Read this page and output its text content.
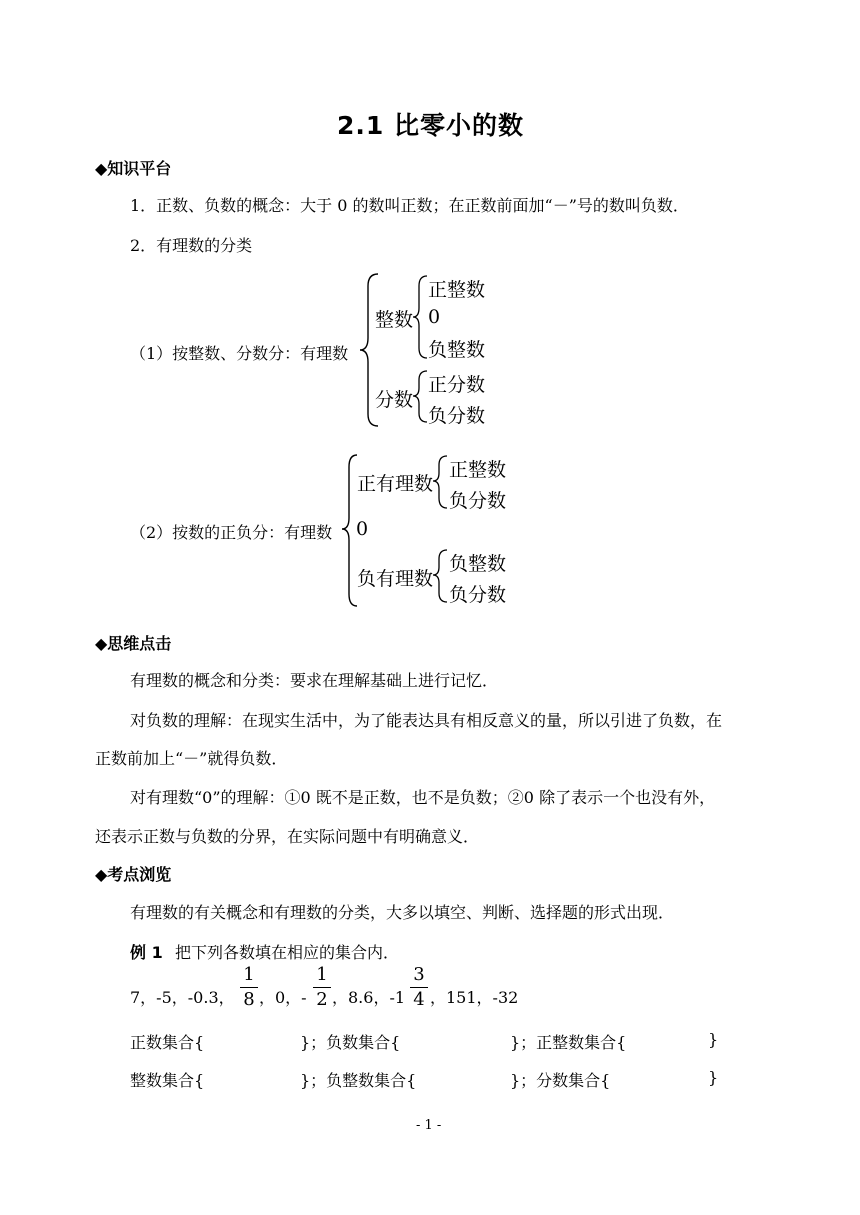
2.1 比零小的数
◆知识平台
1．正数、负数的概念：大于 0 的数叫正数；在正数前面加“－”号的数叫负数．
2．有理数的分类
（1）按整数、分数分：有理数
整数
正整数
0
负整数
分数
正分数
负分数
（2）按数的正负分：有理数
正有理数
正整数
负分数
0
负有理数
负整数
负分数
◆思维点击
有理数的概念和分类：要求在理解基础上进行记忆．
对负数的理解：在现实生活中，为了能表达具有相反意义的量，所以引进了负数，在
正数前加上“－”就得负数．
对有理数“0”的理解：①0 既不是正数，也不是负数；②0 除了表示一个也没有外，
还表示正数与负数的分界，在实际问题中有明确意义．
◆考点浏览
有理数的有关概念和有理数的分类，大多以填空、判断、选择题的形式出现．
例 1 把下列各数填在相应的集合内．
7，-5，-0.3，
1
8 ，0，-
1
2 ，8.6，-1
3
4 ，151，-32
正数集合{	}；负数集合{	}；正整数集合{	}
整数集合{	}；负整数集合{	}；分数集合{	}
- 1 -
